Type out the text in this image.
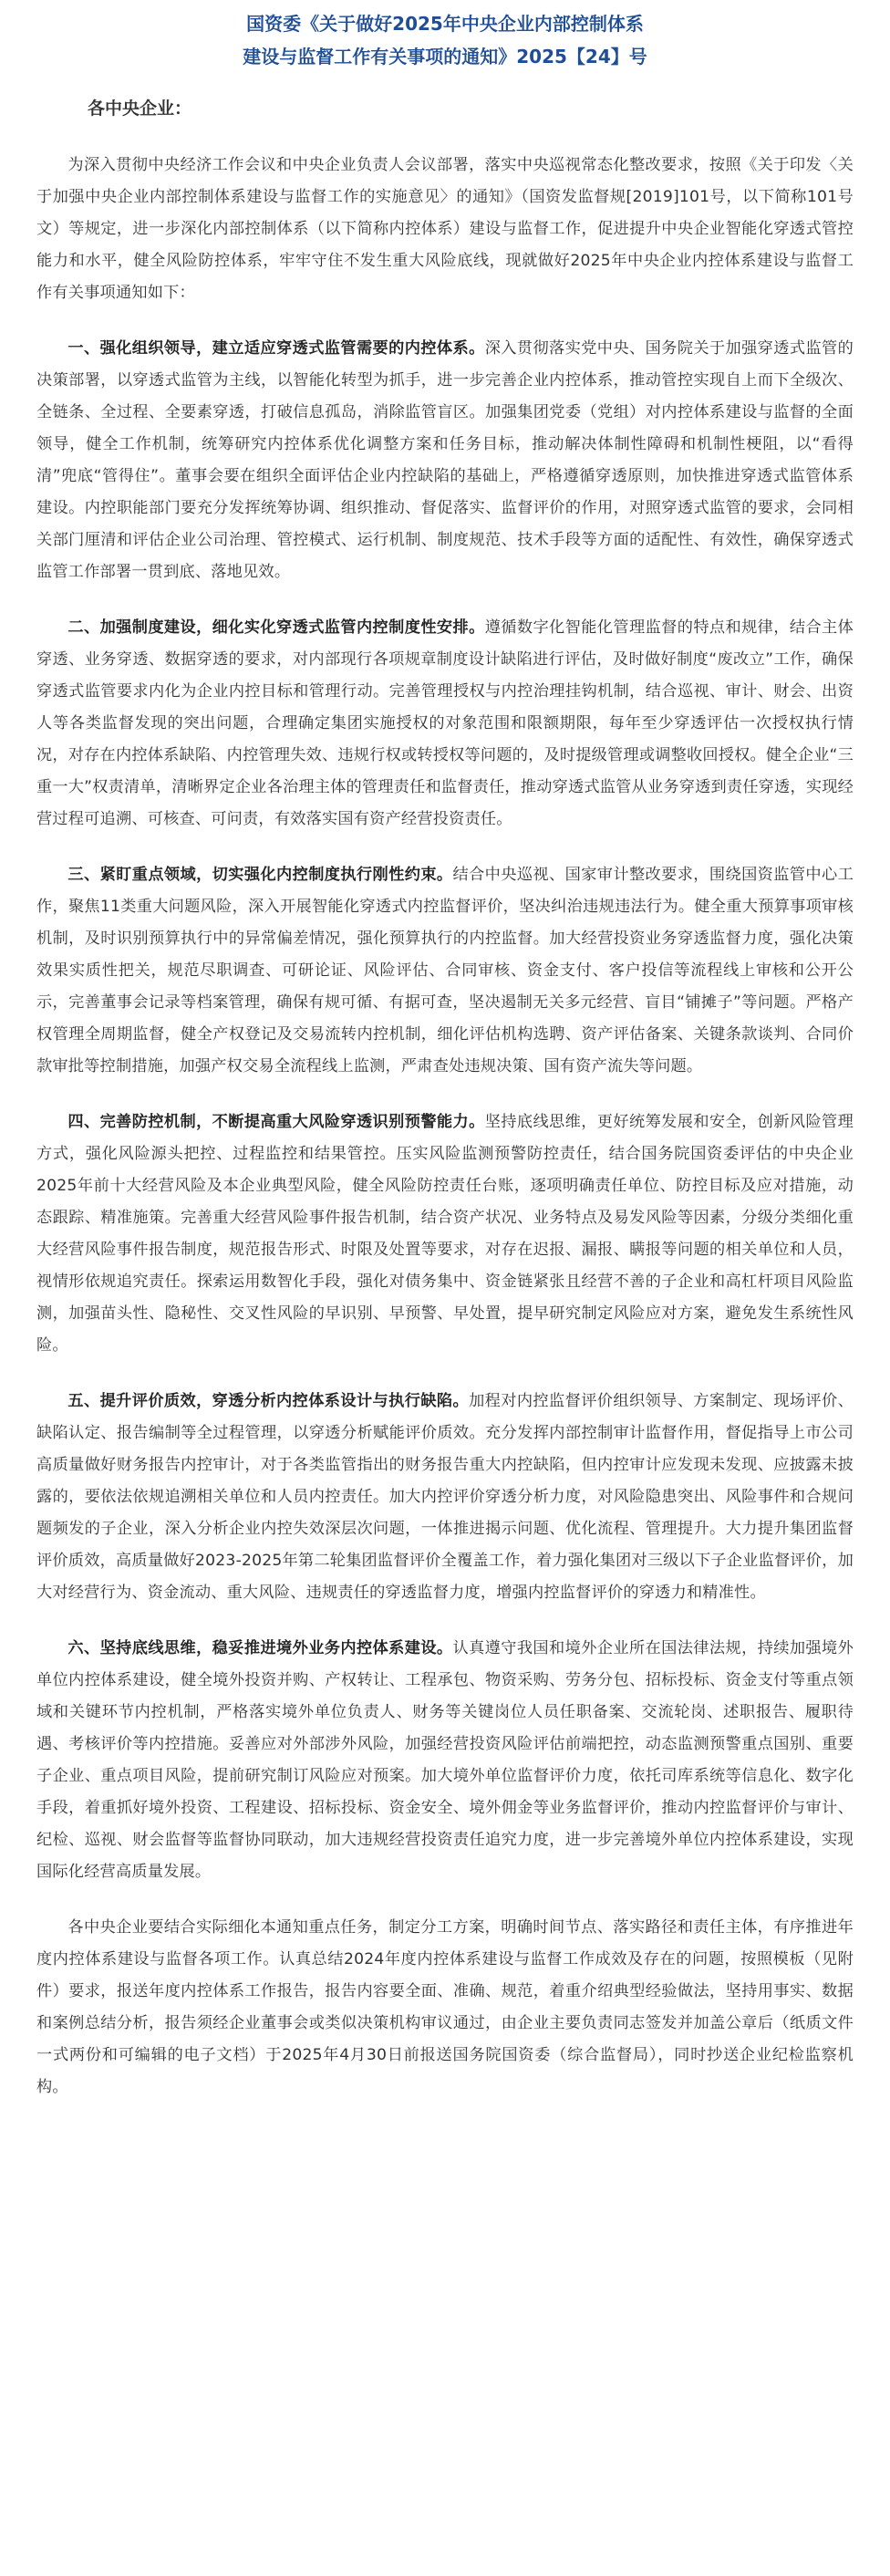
国资委《关于做好2025年中央企业内部控制体系
建设与监督工作有关事项的通知》2025【24】号
各中央企业：

为深入贯彻中央经济工作会议和中央企业负责人会议部署，落实中央巡视常态化整改要求，按照《关于印发〈关于加强中央企业内部控制体系建设与监督工作的实施意见〉的通知》（国资发监督规[2019]101号，以下简称101号文）等规定，进一步深化内部控制体系（以下简称内控体系）建设与监督工作，促进提升中央企业智能化穿透式管控能力和水平，健全风险防控体系，牢牢守住不发生重大风险底线，现就做好2025年中央企业内控体系建设与监督工作有关事项通知如下：

一、强化组织领导，建立适应穿透式监管需要的内控体系。深入贯彻落实党中央、国务院关于加强穿透式监管的决策部署，以穿透式监管为主线，以智能化转型为抓手，进一步完善企业内控体系，推动管控实现自上而下全级次、全链条、全过程、全要素穿透，打破信息孤岛，消除监管盲区。加强集团党委（党组）对内控体系建设与监督的全面领导，健全工作机制，统筹研究内控体系优化调整方案和任务目标，推动解决体制性障碍和机制性梗阻，以“看得清”兜底“管得住”。董事会要在组织全面评估企业内控缺陷的基础上，严格遵循穿透原则，加快推进穿透式监管体系建设。内控职能部门要充分发挥统筹协调、组织推动、督促落实、监督评价的作用，对照穿透式监管的要求，会同相关部门厘清和评估企业公司治理、管控模式、运行机制、制度规范、技术手段等方面的适配性、有效性，确保穿透式监管工作部署一贯到底、落地见效。

二、加强制度建设，细化实化穿透式监管内控制度性安排。遵循数字化智能化管理监督的特点和规律，结合主体穿透、业务穿透、数据穿透的要求，对内部现行各项规章制度设计缺陷进行评估，及时做好制度“废改立”工作，确保穿透式监管要求内化为企业内控目标和管理行动。完善管理授权与内控治理挂钩机制，结合巡视、审计、财会、出资人等各类监督发现的突出问题，合理确定集团实施授权的对象范围和限额期限，每年至少穿透评估一次授权执行情况，对存在内控体系缺陷、内控管理失效、违规行权或转授权等问题的，及时提级管理或调整收回授权。健全企业“三重一大”权责清单，清晰界定企业各治理主体的管理责任和监督责任，推动穿透式监管从业务穿透到责任穿透，实现经营过程可追溯、可核查、可问责，有效落实国有资产经营投资责任。

三、紧盯重点领域，切实强化内控制度执行刚性约束。结合中央巡视、国家审计整改要求，围绕国资监管中心工作，聚焦11类重大问题风险，深入开展智能化穿透式内控监督评价，坚决纠治违规违法行为。健全重大预算事项审核机制，及时识别预算执行中的异常偏差情况，强化预算执行的内控监督。加大经营投资业务穿透监督力度，强化决策效果实质性把关，规范尽职调查、可研论证、风险评估、合同审核、资金支付、客户投信等流程线上审核和公开公示，完善董事会记录等档案管理，确保有规可循、有据可查，坚决遏制无关多元经营、盲目“铺摊子”等问题。严格产权管理全周期监督，健全产权登记及交易流转内控机制，细化评估机构选聘、资产评估备案、关键条款谈判、合同价款审批等控制措施，加强产权交易全流程线上监测，严肃查处违规决策、国有资产流失等问题。

四、完善防控机制，不断提高重大风险穿透识别预警能力。坚持底线思维，更好统筹发展和安全，创新风险管理方式，强化风险源头把控、过程监控和结果管控。压实风险监测预警防控责任，结合国务院国资委评估的中央企业2025年前十大经营风险及本企业典型风险，健全风险防控责任台账，逐项明确责任单位、防控目标及应对措施，动态跟踪、精准施策。完善重大经营风险事件报告机制，结合资产状况、业务特点及易发风险等因素，分级分类细化重大经营风险事件报告制度，规范报告形式、时限及处置等要求，对存在迟报、漏报、瞒报等问题的相关单位和人员，视情形依规追究责任。探索运用数智化手段，强化对债务集中、资金链紧张且经营不善的子企业和高杠杆项目风险监测，加强苗头性、隐秘性、交叉性风险的早识别、早预警、早处置，提早研究制定风险应对方案，避免发生系统性风险。

五、提升评价质效，穿透分析内控体系设计与执行缺陷。加程对内控监督评价组织领导、方案制定、现场评价、缺陷认定、报告编制等全过程管理，以穿透分析赋能评价质效。充分发挥内部控制审计监督作用，督促指导上市公司高质量做好财务报告内控审计，对于各类监管指出的财务报告重大内控缺陷，但内控审计应发现未发现、应披露未披露的，要依法依规追溯相关单位和人员内控责任。加大内控评价穿透分析力度，对风险隐患突出、风险事件和合规问题频发的子企业，深入分析企业内控失效深层次问题，一体推进揭示问题、优化流程、管理提升。大力提升集团监督评价质效，高质量做好2023-2025年第二轮集团监督评价全覆盖工作，着力强化集团对三级以下子企业监督评价，加大对经营行为、资金流动、重大风险、违规责任的穿透监督力度，增强内控监督评价的穿透力和精准性。

六、坚持底线思维，稳妥推进境外业务内控体系建设。认真遵守我国和境外企业所在国法律法规，持续加强境外单位内控体系建设，健全境外投资并购、产权转让、工程承包、物资采购、劳务分包、招标投标、资金支付等重点领域和关键环节内控机制，严格落实境外单位负责人、财务等关键岗位人员任职备案、交流轮岗、述职报告、履职待遇、考核评价等内控措施。妥善应对外部涉外风险，加强经营投资风险评估前端把控，动态监测预警重点国别、重要子企业、重点项目风险，提前研究制订风险应对预案。加大境外单位监督评价力度，依托司库系统等信息化、数字化手段，着重抓好境外投资、工程建设、招标投标、资金安全、境外佣金等业务监督评价，推动内控监督评价与审计、纪检、巡视、财会监督等监督协同联动，加大违规经营投资责任追究力度，进一步完善境外单位内控体系建设，实现国际化经营高质量发展。

各中央企业要结合实际细化本通知重点任务，制定分工方案，明确时间节点、落实路径和责任主体，有序推进年度内控体系建设与监督各项工作。认真总结2024年度内控体系建设与监督工作成效及存在的问题，按照模板（见附件）要求，报送年度内控体系工作报告，报告内容要全面、准确、规范，着重介绍典型经验做法，坚持用事实、数据和案例总结分析，报告须经企业董事会或类似决策机构审议通过，由企业主要负责同志签发并加盖公章后（纸质文件一式两份和可编辑的电子文档）于2025年4月30日前报送国务院国资委（综合监督局），同时抄送企业纪检监察机构。
